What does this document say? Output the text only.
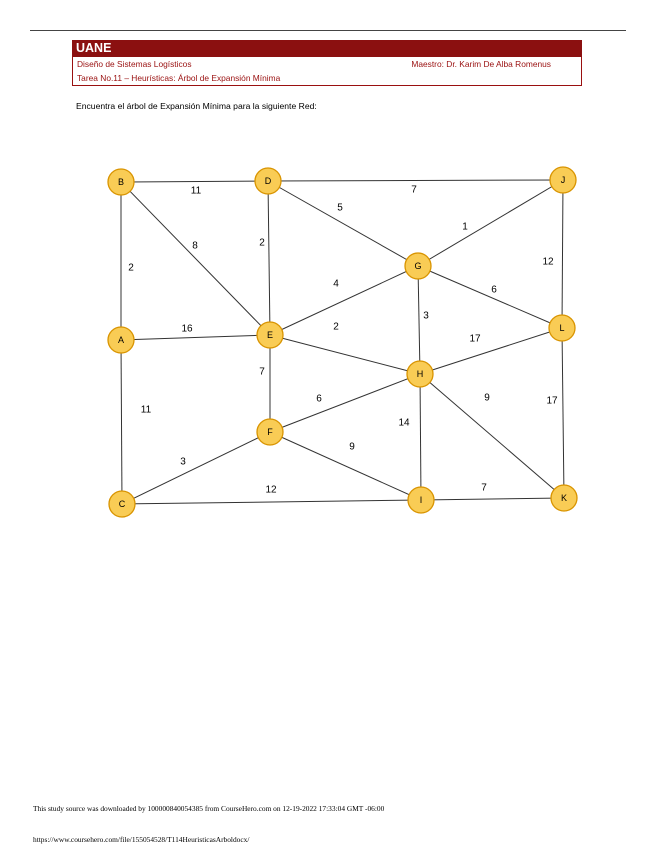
UANE
Diseño de Sistemas Logísticos	Maestro: Dr. Karim De Alba Romenus
Tarea No.11 – Heurísticas: Árbol de Expansión Mínima
Encuentra el árbol de Expansión Mínima para la siguiente Red:
11	7
2
8	2
5
1
12
16
4
6
3
2
17
7
11
6	9	17
14
9
3
12	7
B	D	J
A	E
G
L
H
F
C	I	K
This study source was downloaded by 100000840054385 from CourseHero.com on 12-19-2022 17:33:04 GMT -06:00
https://www.coursehero.com/file/155054528/T114HeuristicasArboldocx/
